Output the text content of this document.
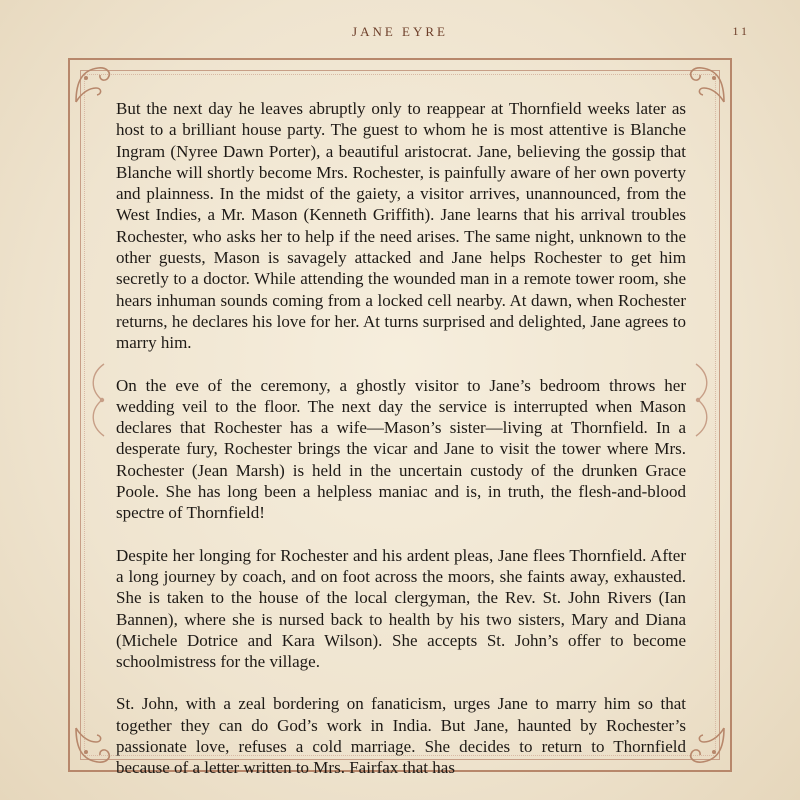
JANE EYRE	11

But the next day he leaves abruptly only to reappear at Thornfield weeks later as host to a brilliant house party. The guest to whom he is most attentive is Blanche Ingram (Nyree Dawn Porter), a beautiful aristocrat. Jane, believing the gossip that Blanche will shortly become Mrs. Rochester, is painfully aware of her own poverty and plainness. In the midst of the gaiety, a visitor arrives, unannounced, from the West Indies, a Mr. Mason (Kenneth Griffith). Jane learns that his arrival troubles Rochester, who asks her to help if the need arises. The same night, unknown to the other guests, Mason is savagely attacked and Jane helps Rochester to get him secretly to a doctor. While attending the wounded man in a remote tower room, she hears inhuman sounds coming from a locked cell nearby. At dawn, when Rochester returns, he declares his love for her. At turns surprised and delighted, Jane agrees to marry him.

On the eve of the ceremony, a ghostly visitor to Jane’s bedroom throws her wedding veil to the floor. The next day the service is interrupted when Mason declares that Rochester has a wife—Mason’s sister—living at Thornfield. In a desperate fury, Rochester brings the vicar and Jane to visit the tower where Mrs. Rochester (Jean Marsh) is held in the uncertain custody of the drunken Grace Poole. She has long been a helpless maniac and is, in truth, the flesh-and-blood spectre of Thornfield!

Despite her longing for Rochester and his ardent pleas, Jane flees Thornfield. After a long journey by coach, and on foot across the moors, she faints away, exhausted. She is taken to the house of the local clergyman, the Rev. St. John Rivers (Ian Bannen), where she is nursed back to health by his two sisters, Mary and Diana (Michele Dotrice and Kara Wilson). She accepts St. John’s offer to become schoolmistress for the village.

St. John, with a zeal bordering on fanaticism, urges Jane to marry him so that together they can do God’s work in India. But Jane, haunted by Rochester’s passionate love, refuses a cold marriage. She decides to return to Thornfield because of a letter written to Mrs. Fairfax that has
